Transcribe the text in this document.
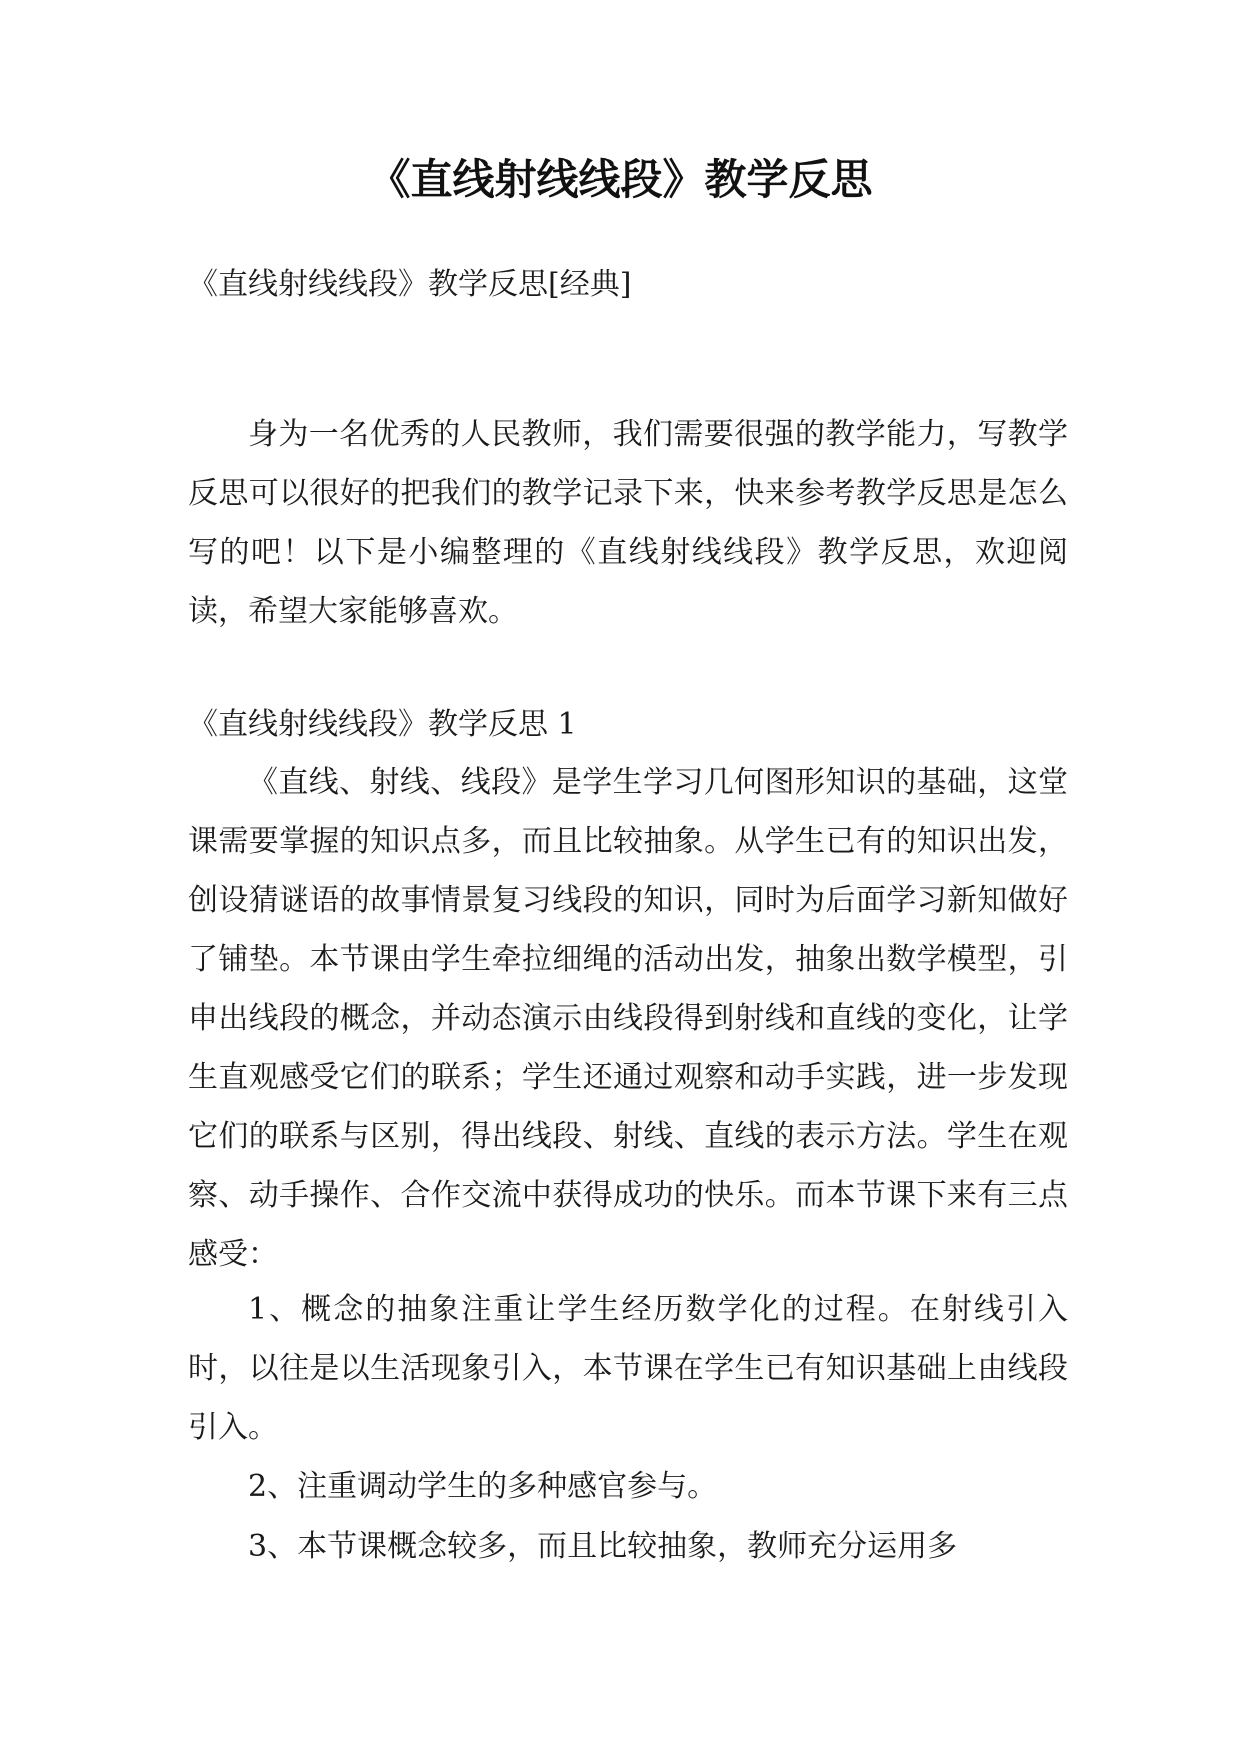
《直线射线线段》教学反思

《直线射线线段》教学反思[经典]

身为一名优秀的人民教师，我们需要很强的教学能力，写教学反思可以很好的把我们的教学记录下来，快来参考教学反思是怎么写的吧！以下是小编整理的《直线射线线段》教学反思，欢迎阅读，希望大家能够喜欢。

《直线射线线段》教学反思 1

《直线、射线、线段》是学生学习几何图形知识的基础，这堂课需要掌握的知识点多，而且比较抽象。从学生已有的知识出发，创设猜谜语的故事情景复习线段的知识，同时为后面学习新知做好了铺垫。本节课由学生牵拉细绳的活动出发，抽象出数学模型，引申出线段的概念，并动态演示由线段得到射线和直线的变化，让学生直观感受它们的联系；学生还通过观察和动手实践，进一步发现它们的联系与区别，得出线段、射线、直线的表示方法。学生在观察、动手操作、合作交流中获得成功的快乐。而本节课下来有三点感受：

1、概念的抽象注重让学生经历数学化的过程。在射线引入时，以往是以生活现象引入，本节课在学生已有知识基础上由线段引入。

2、注重调动学生的多种感官参与。

3、本节课概念较多，而且比较抽象，教师充分运用多
